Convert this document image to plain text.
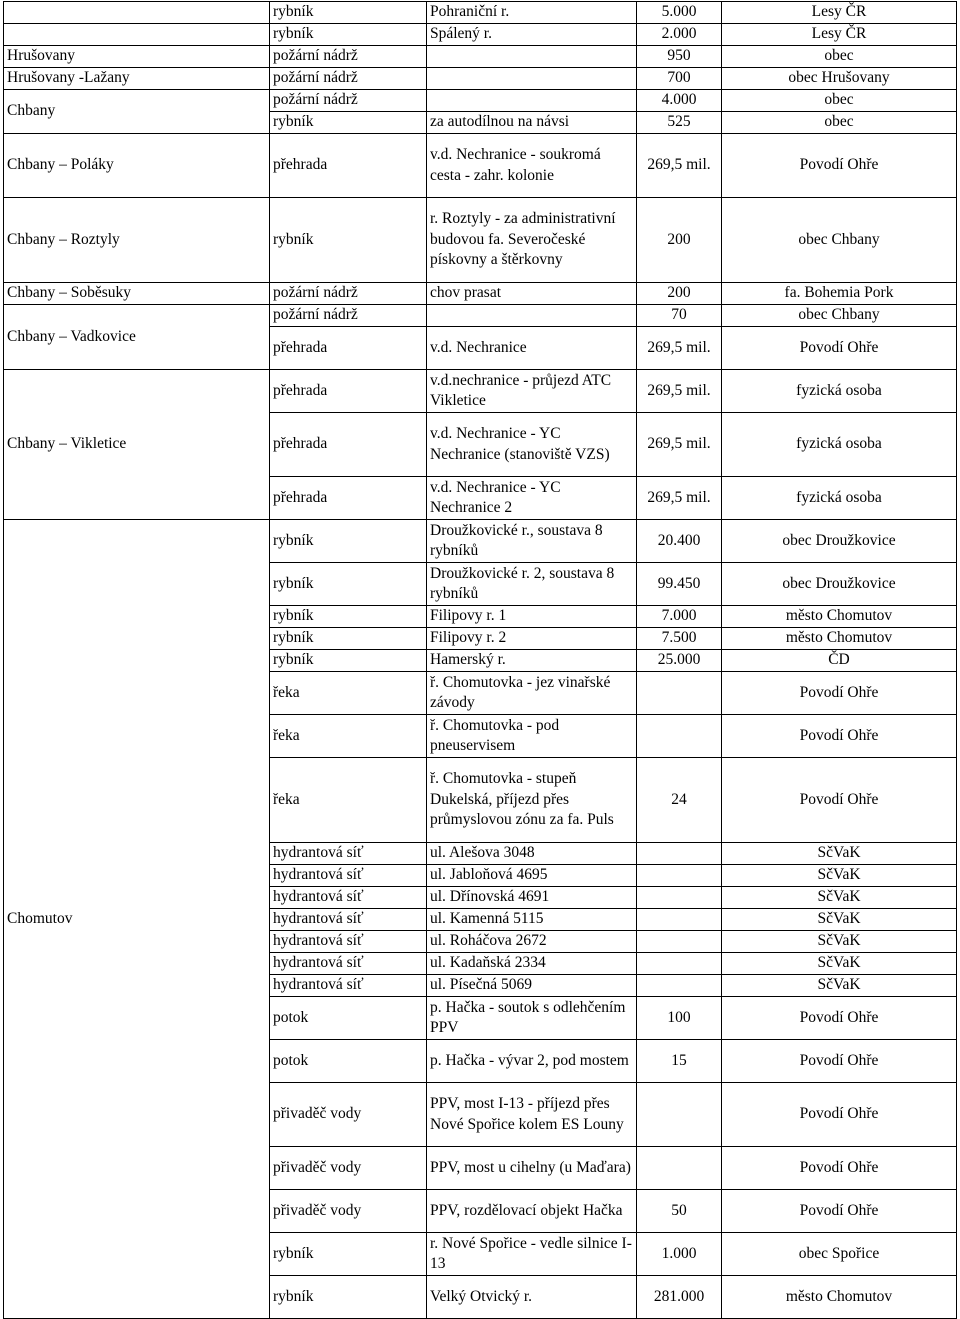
	rybník	Pohraniční r.	5.000	Lesy ČR
	rybník	Spálený r.	2.000	Lesy ČR
Hrušovany	požární nádrž		950	obec
Hrušovany -Lažany	požární nádrž		700	obec Hrušovany
Chbany	požární nádrž		4.000	obec
	rybník	za autodílnou na návsi	525	obec
Chbany – Poláky	přehrada	v.d. Nechranice - soukromá cesta - zahr. kolonie	269,5 mil.	Povodí Ohře
Chbany – Roztyly	rybník	r. Roztyly - za administrativní budovou fa. Severočeské pískovny a štěrkovny	200	obec Chbany
Chbany – Soběsuky	požární nádrž	chov prasat	200	fa. Bohemia Pork
Chbany – Vadkovice	požární nádrž		70	obec Chbany
	přehrada	v.d. Nechranice	269,5 mil.	Povodí Ohře
Chbany – Vikletice	přehrada	v.d.nechranice - průjezd ATC Vikletice	269,5 mil.	fyzická osoba
	přehrada	v.d. Nechranice - YC Nechranice (stanoviště VZS)	269,5 mil.	fyzická osoba
	přehrada	v.d. Nechranice - YC Nechranice 2	269,5 mil.	fyzická osoba
Chomutov	rybník	Droužkovické r., soustava 8 rybníků	20.400	obec Droužkovice
	rybník	Droužkovické r. 2, soustava 8 rybníků	99.450	obec Droužkovice
	rybník	Filipovy r. 1	7.000	město Chomutov
	rybník	Filipovy r. 2	7.500	město Chomutov
	rybník	Hamerský r.	25.000	ČD
	řeka	ř. Chomutovka - jez vinařské závody		Povodí Ohře
	řeka	ř. Chomutovka - pod pneuservisem		Povodí Ohře
	řeka	ř. Chomutovka - stupeň Dukelská, příjezd přes průmyslovou zónu za fa. Puls	24	Povodí Ohře
	hydrantová síť	ul. Alešova 3048		SčVaK
	hydrantová síť	ul. Jabloňová 4695		SčVaK
	hydrantová síť	ul. Dřínovská 4691		SčVaK
	hydrantová síť	ul. Kamenná 5115		SčVaK
	hydrantová síť	ul. Roháčova 2672		SčVaK
	hydrantová síť	ul. Kadaňská 2334		SčVaK
	hydrantová síť	ul. Písečná 5069		SčVaK
	potok	p. Hačka - soutok s odlehčením PPV	100	Povodí Ohře
	potok	p. Hačka - vývar 2, pod mostem	15	Povodí Ohře
	přivaděč vody	PPV, most I-13 - příjezd přes Nové Spořice kolem ES Louny		Povodí Ohře
	přivaděč vody	PPV, most u cihelny (u Maďara)		Povodí Ohře
	přivaděč vody	PPV, rozdělovací objekt Hačka	50	Povodí Ohře
	rybník	r. Nové Spořice - vedle silnice I-13	1.000	obec Spořice
	rybník	Velký Otvický r.	281.000	město Chomutov
